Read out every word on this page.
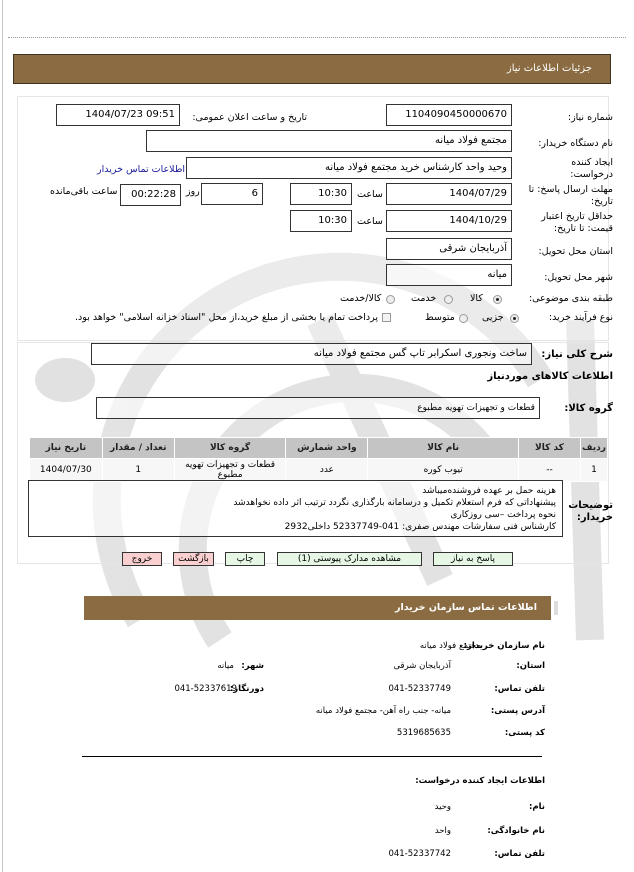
جزئیات اطلاعات نیاز
شماره نیاز:
1104090450000670
تاریخ و ساعت اعلان عمومی:
1404/07/23 09:51
نام دستگاه خریدار:
مجتمع فولاد میانه
ایجاد کننده درخواست:
وحید واحد کارشناس خرید مجتمع فولاد میانه
اطلاعات تماس خریدار
مهلت ارسال پاسخ: تا تاریخ:
1404/07/29
ساعت
10:30
6
روز
00:22:28
ساعت باقی‌مانده
حداقل تاریخ اعتبار قیمت: تا تاریخ:
1404/10/29
ساعت
10:30
استان محل تحویل:
آذربایجان شرقی
شهر محل تحویل:
میانه
طبقه بندی موضوعی:
کالا
خدمت
کالا/خدمت
نوع فرآیند خرید:
جزیی
متوسط
پرداخت تمام یا بخشی از مبلغ خرید،از محل "اسناد خزانه اسلامی" خواهد بود.
شرح کلی نیاز:
ساخت ونجوری اسکرابر تاپ گس مجتمع فولاد میانه
اطلاعات کالاهای موردنیاز
گروه کالا:
قطعات و تجهیزات تهویه مطبوع
ردیف	کد کالا	نام کالا	واحد شمارش	گروه کالا	تعداد / مقدار	تاریخ نیاز
1	--	تیوب کوره	عدد	قطعات و تجهیزات تهویه مطبوع	1	1404/07/30
توضیحات خریدار:
هزینه حمل بر عهده فروشنده‌میباشد
پیشنهاداتی که فرم استعلام تکمیل و درسامانه بارگذاری نگردد ترتیب اثر داده نخواهدشد
نحوه پرداخت –سی روزکاری
کارشناس فنی سفارشات مهندس صفری: 041-52337749 داخلی2932
پاسخ به نیاز
مشاهده مدارک پیوستی (1)
چاپ
بازگشت
خروج
اطلاعات تماس سازمان خریدار
نام سازمان خریدار:
مجتمع فولاد میانه
استان:
آذربایجان شرقی
شهر:
میانه
تلفن تماس:
041-52337749
دورنگار:
041-52337619
آدرس پستی:
میانه- جنب راه آهن- مجتمع فولاد میانه
کد پستی:
5319685635
اطلاعات ایجاد کننده درخواست:
نام:
وحید
نام خانوادگی:
واحد
تلفن تماس:
041-52337742
